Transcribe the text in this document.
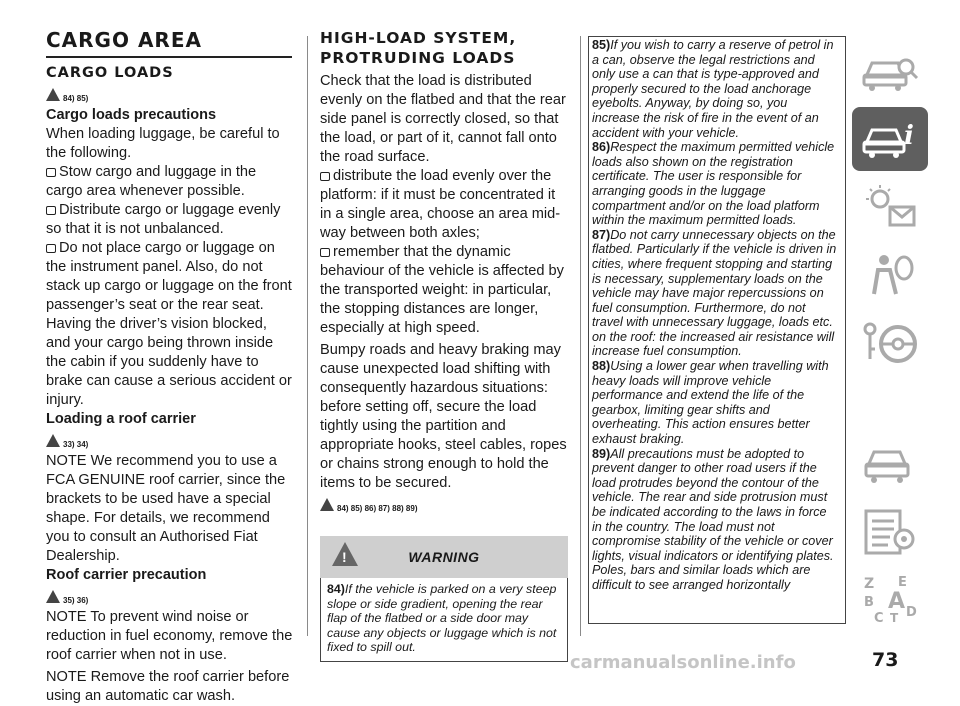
CARGO AREA

CARGO LOADS

84) 85)

Cargo loads precautions

When loading luggage, be careful to the following.

Stow cargo and luggage in the cargo area whenever possible.

Distribute cargo or luggage evenly so that it is not unbalanced.

Do not place cargo or luggage on the instrument panel. Also, do not stack up cargo or luggage on the front passenger’s seat or the rear seat. Having the driver’s vision blocked, and your cargo being thrown inside the cabin if you suddenly have to brake can cause a serious accident or injury.

Loading a roof carrier

33) 34)

NOTE We recommend you to use a FCA GENUINE roof carrier, since the brackets to be used have a special shape. For details, we recommend you to consult an Authorised Fiat Dealership.

Roof carrier precaution

35) 36)

NOTE To prevent wind noise or reduction in fuel economy, remove the roof carrier when not in use.

NOTE Remove the roof carrier before using an automatic car wash.

HIGH-LOAD SYSTEM,

PROTRUDING LOADS

Check that the load is distributed evenly on the flatbed and that the rear side panel is correctly closed, so that the load, or part of it, cannot fall onto the road surface.

distribute the load evenly over the platform: if it must be concentrated it in a single area, choose an area mid-way between both axles;

remember that the dynamic behaviour of the vehicle is affected by the transported weight: in particular, the stopping distances are longer, especially at high speed.

Bumpy roads and heavy braking may cause unexpected load shifting with consequently hazardous situations: before setting off, secure the load tightly using the partition and appropriate hooks, steel cables, ropes or chains strong enough to hold the items to be secured.

84) 85) 86) 87) 88) 89)
!
WARNING

84)If the vehicle is parked on a very steep slope or side gradient, opening the rear flap of the flatbed or a side door may cause any objects or luggage which is not fixed to spill out.

85)If you wish to carry a reserve of petrol in a can, observe the legal restrictions and only use a can that is type-approved and properly secured to the load anchorage eyebolts. Anyway, by doing so, you increase the risk of fire in the event of an accident with your vehicle.

86)Respect the maximum permitted vehicle loads also shown on the registration certificate. The user is responsible for arranging goods in the luggage compartment and/or on the load platform within the maximum permitted loads.

87)Do not carry unnecessary objects on the flatbed. Particularly if the vehicle is driven in cities, where frequent stopping and starting is necessary, supplementary loads on the vehicle may have major repercussions on fuel consumption. Furthermore, do not travel with unnecessary luggage, loads etc. on the roof: the increased air resistance will increase fuel consumption.

88)Using a lower gear when travelling with heavy loads will improve vehicle performance and extend the life of the gearbox, limiting gear shifts and overheating. This action ensures better exhaust braking.

89)All precautions must be adopted to prevent danger to other road users if the load protrudes beyond the contour of the vehicle. The rear and side protrusion must be indicated according to the laws in force in the country. The load must not compromise stability of the vehicle or cover lights, visual indicators or identifying plates. Poles, bars and similar loads which are difficult to see arranged horizontally

i
Z E
B A
C T D
carmanualsonline.info	73
